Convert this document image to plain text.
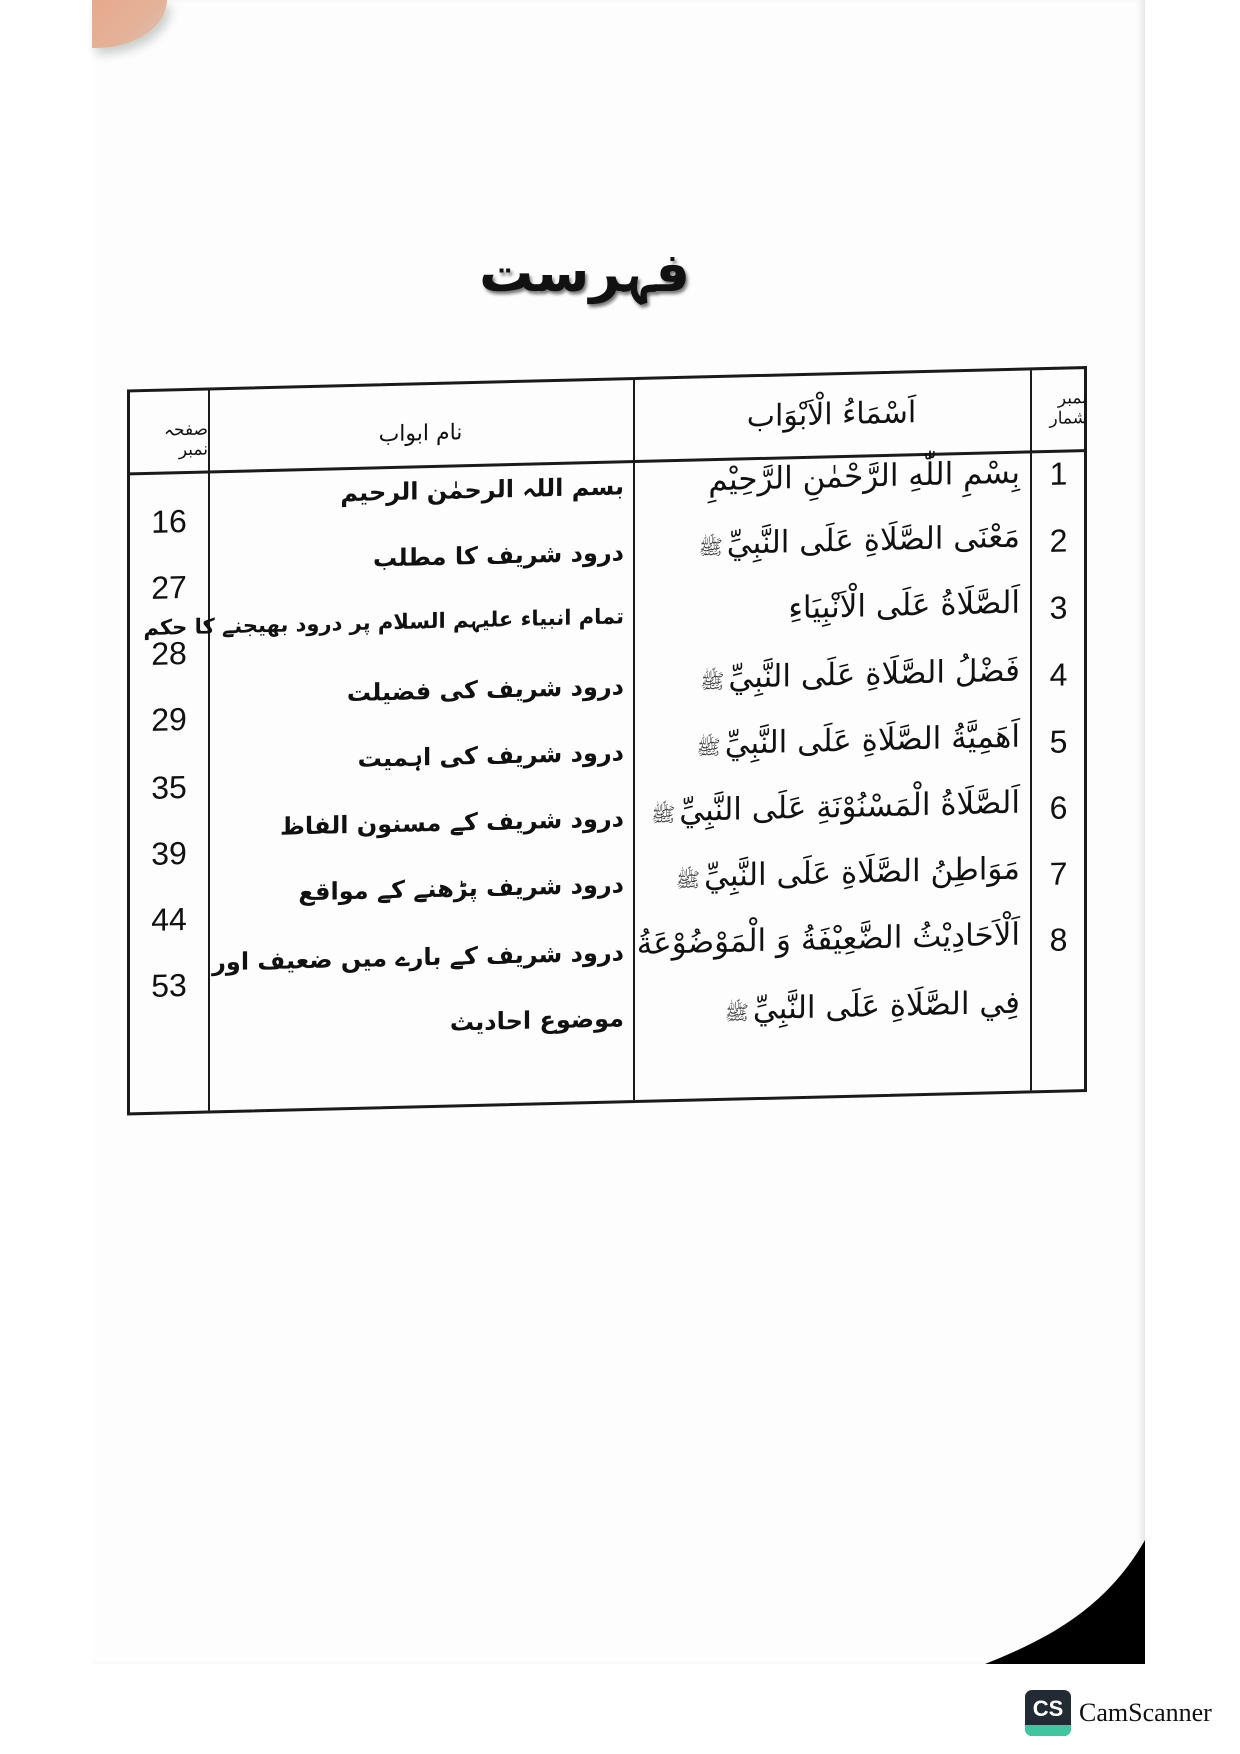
فہرست
نمبر شمار
اَسْمَاءُ الْاَبْوَاب
نام ابواب
صفحہ نمبر
1
بِسْمِ اللّٰهِ الرَّحْمٰنِ الرَّحِيْمِ
بسم اللہ الرحمٰن الرحیم
16
2
مَعْنَى الصَّلَاةِ عَلَى النَّبِيِّﷺ
درود شریف کا مطلب
27
3
اَلصَّلَاةُ عَلَى الْاَنْبِيَاءِ
تمام انبیاء علیہم السلام پر درود بھیجنے کا حکم
28
4
فَضْلُ الصَّلَاةِ عَلَى النَّبِيِّﷺ
درود شریف کی فضیلت
29
5
اَهَمِيَّةُ الصَّلَاةِ عَلَى النَّبِيِّﷺ
درود شریف کی اہمیت
35
6
اَلصَّلَاةُ الْمَسْنُوْنَةِ عَلَى النَّبِيِّﷺ
درود شریف کے مسنون الفاظ
39
7
مَوَاطِنُ الصَّلَاةِ عَلَى النَّبِيِّﷺ
درود شریف پڑھنے کے مواقع
44
8
اَلْاَحَادِيْثُ الضَّعِيْفَةُ وَ الْمَوْضُوْعَةُ
فِي الصَّلَاةِ عَلَى النَّبِيِّﷺ
درود شریف کے بارے میں ضعیف اور
موضوع احادیث
53
CS CamScanner
